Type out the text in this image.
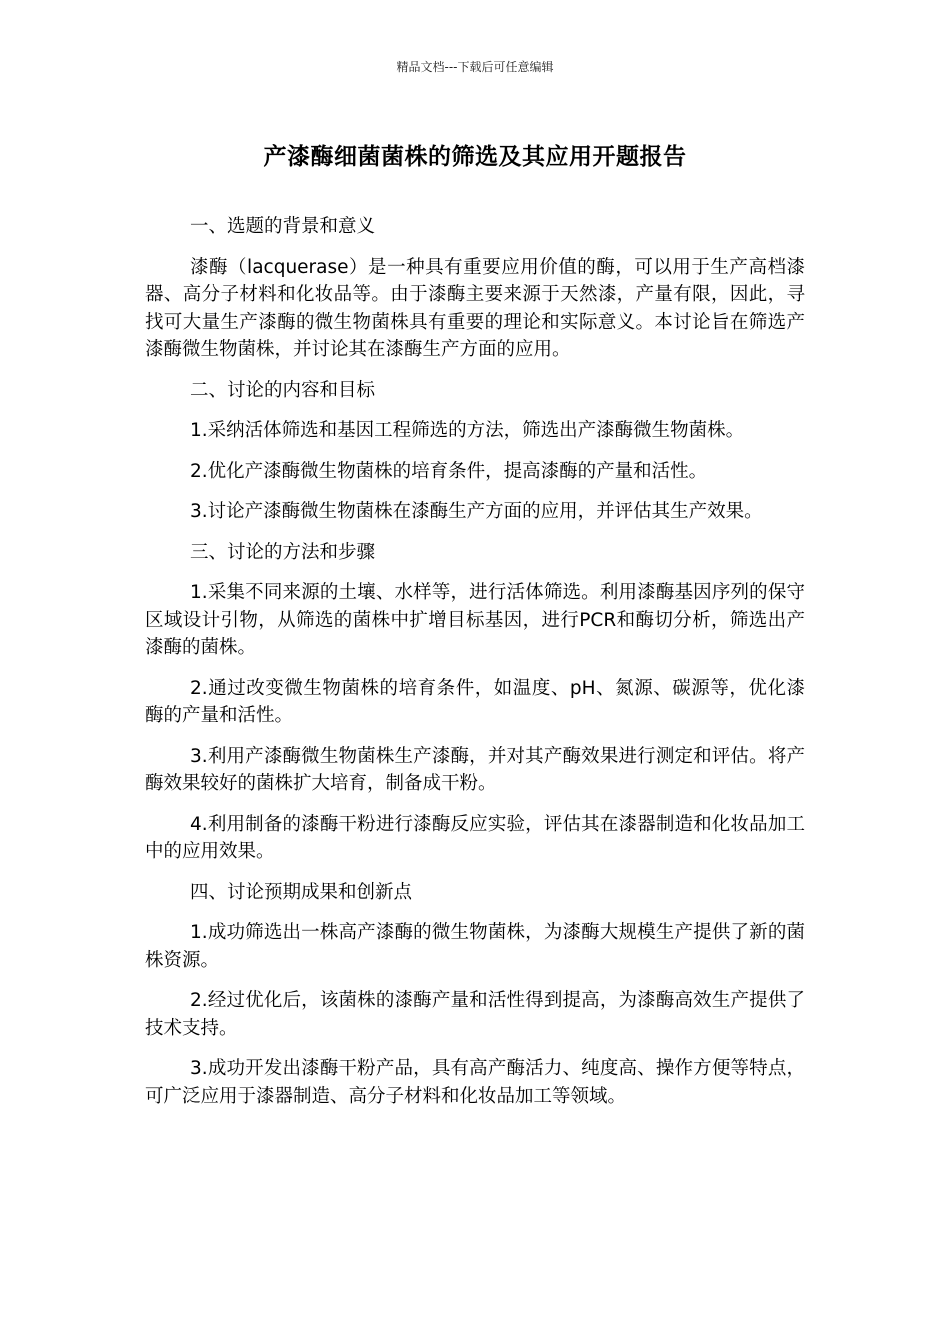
精品文档---下载后可任意编辑
产漆酶细菌菌株的筛选及其应用开题报告

一、选题的背景和意义

漆酶（lacquerase）是一种具有重要应用价值的酶，可以用于生产高档漆器、高分子材料和化妆品等。由于漆酶主要来源于天然漆，产量有限，因此，寻找可大量生产漆酶的微生物菌株具有重要的理论和实际意义。本讨论旨在筛选产漆酶微生物菌株，并讨论其在漆酶生产方面的应用。

二、讨论的内容和目标

1.采纳活体筛选和基因工程筛选的方法，筛选出产漆酶微生物菌株。

2.优化产漆酶微生物菌株的培育条件，提高漆酶的产量和活性。

3.讨论产漆酶微生物菌株在漆酶生产方面的应用，并评估其生产效果。

三、讨论的方法和步骤

1.采集不同来源的土壤、水样等，进行活体筛选。利用漆酶基因序列的保守区域设计引物，从筛选的菌株中扩增目标基因，进行PCR和酶切分析，筛选出产漆酶的菌株。

2.通过改变微生物菌株的培育条件，如温度、pH、氮源、碳源等，优化漆酶的产量和活性。

3.利用产漆酶微生物菌株生产漆酶，并对其产酶效果进行测定和评估。将产酶效果较好的菌株扩大培育，制备成干粉。

4.利用制备的漆酶干粉进行漆酶反应实验，评估其在漆器制造和化妆品加工中的应用效果。

四、讨论预期成果和创新点

1.成功筛选出一株高产漆酶的微生物菌株，为漆酶大规模生产提供了新的菌株资源。

2.经过优化后，该菌株的漆酶产量和活性得到提高，为漆酶高效生产提供了技术支持。

3.成功开发出漆酶干粉产品，具有高产酶活力、纯度高、操作方便等特点，可广泛应用于漆器制造、高分子材料和化妆品加工等领域。
